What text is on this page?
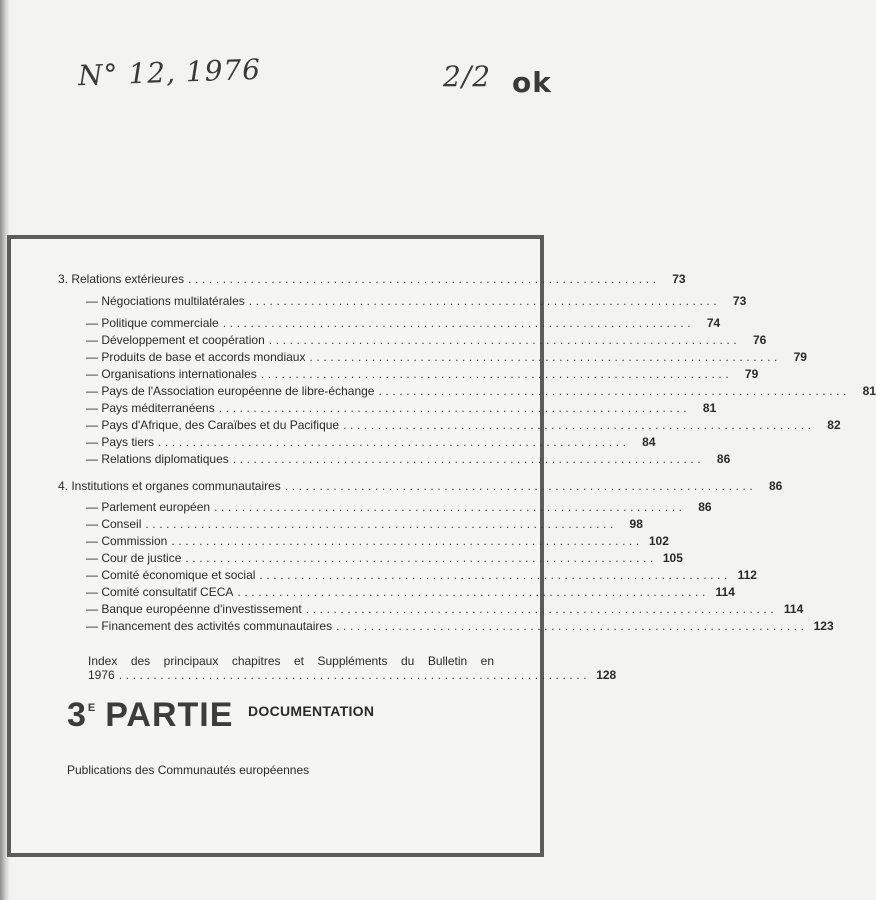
N° 12, 1976	2/2 ok
3. Relations extérieures ....................................................................	73
— Négociations multilatérales ....................................................................	73
— Politique commerciale ....................................................................	74
— Développement et coopération ....................................................................	76
— Produits de base et accords mondiaux ....................................................................	79
— Organisations internationales ....................................................................	79
— Pays de l'Association européenne de libre-échange ....................................................................	81
— Pays méditerranéens ....................................................................	81
— Pays d'Afrique, des Caraïbes et du Pacifique ....................................................................	82
— Pays tiers ....................................................................	84
— Relations diplomatiques ....................................................................	86
4. Institutions et organes communautaires ....................................................................	86
— Parlement européen ....................................................................	86
— Conseil ....................................................................	98
— Commission .................................................................... 102
— Cour de justice .................................................................... 105
— Comité économique et social .................................................................... 112
— Comité consultatif CECA .................................................................... 114
— Banque européenne d'investissement .................................................................... 114
— Financement des activités communautaires .................................................................... 123
Index des principaux chapitres et Suppléments du Bulletin en
1976 .................................................................... 128
3 E PARTIE DOCUMENTATION
Publications des Communautés européennes
